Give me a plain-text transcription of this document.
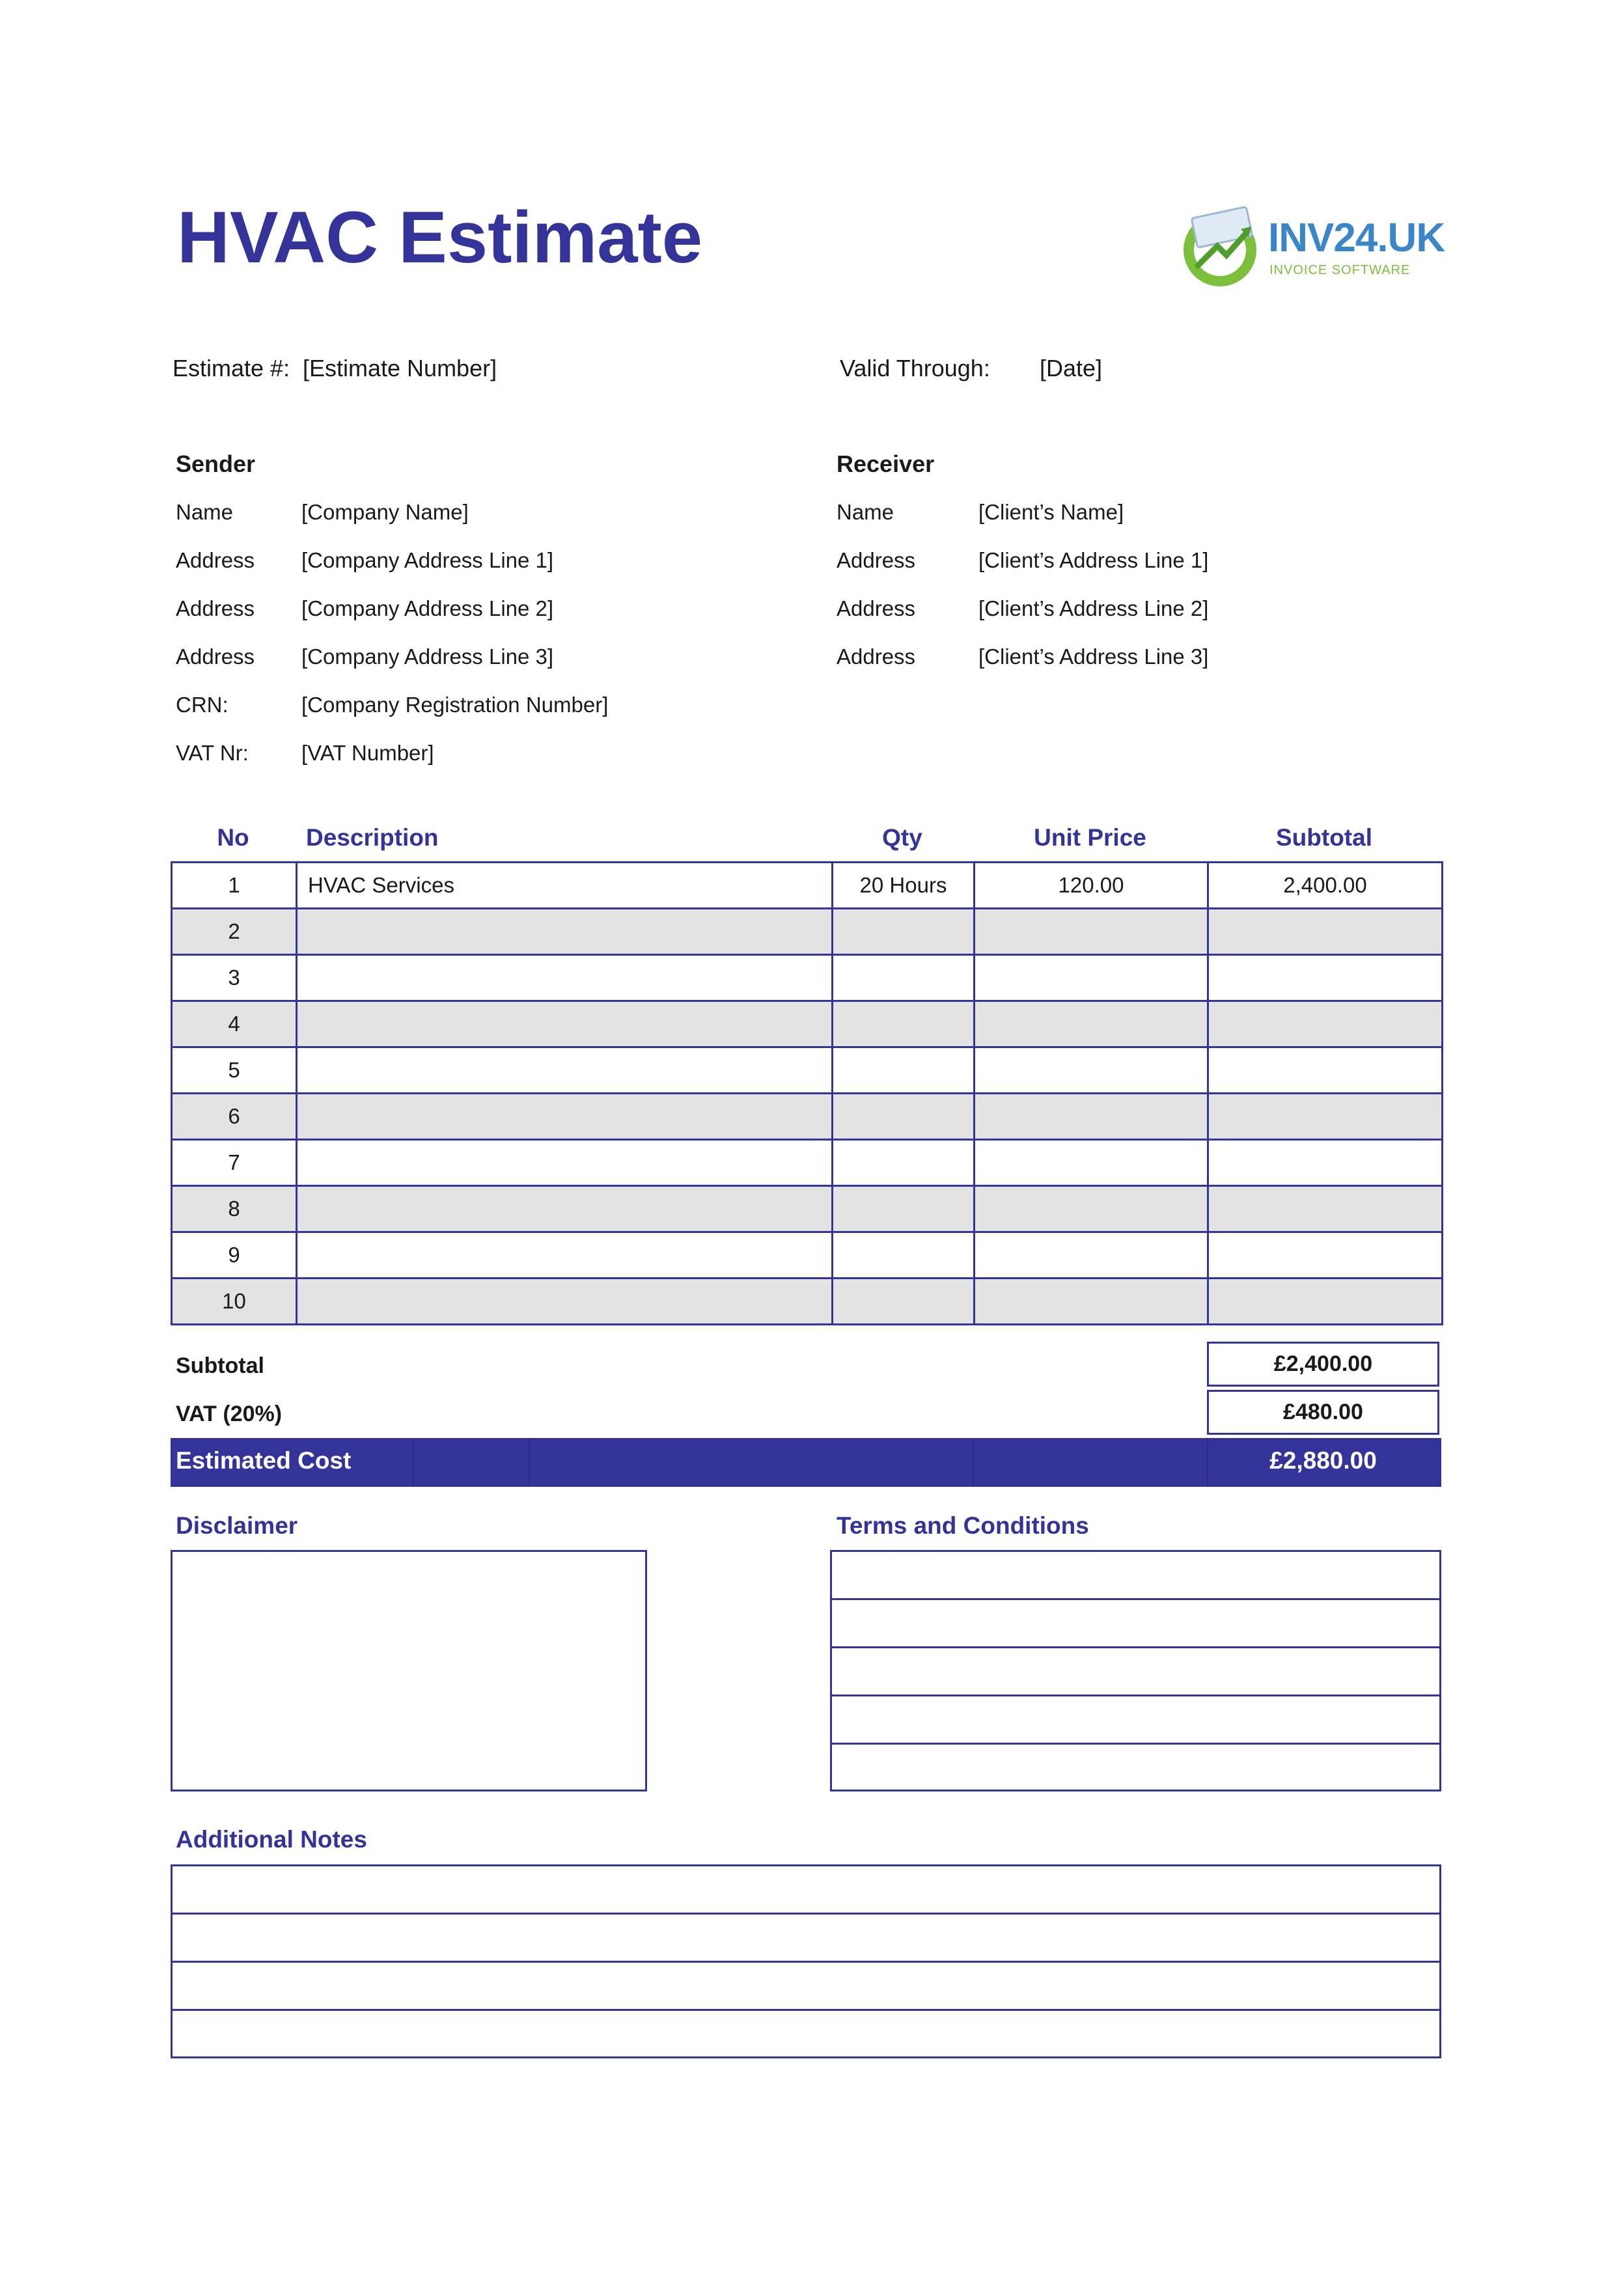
HVAC Estimate	INV24.UK
INVOICE SOFTWARE
Estimate #: [Estimate Number]	Valid Through: [Date]
Sender
Name	[Company Name]
Address [Company Address Line 1]
Address [Company Address Line 2]
Address [Company Address Line 3]
CRN:	[Company Registration Number]
VAT Nr: [VAT Number]
Receiver
Name	[Client’s Name]
Address	[Client’s Address Line 1]
Address	[Client’s Address Line 2]
Address	[Client’s Address Line 3]
No	Description	Qty	Unit Price	Subtotal
1	HVAC Services	20 Hours	120.00	2,400.00
2				
3				
4				
5				
6				
7				
8				
9				
10				
Subtotal	£2,400.00
VAT (20%)	£480.00
Estimated Cost	£2,880.00
Disclaimer	Terms and Conditions
Additional Notes
